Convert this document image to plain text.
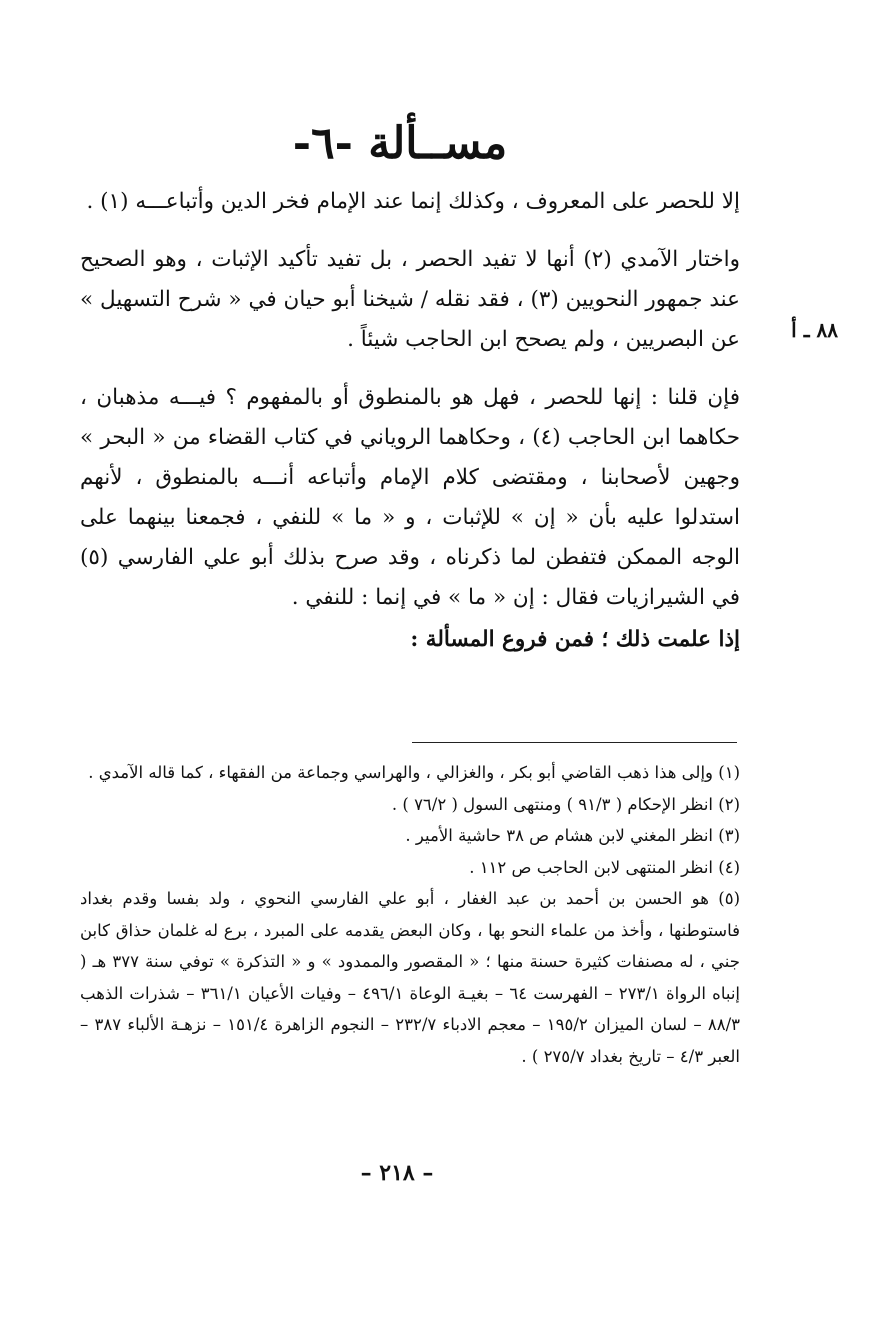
مســألة -٦-
٨٨ ـ أ

إلا للحصر على المعروف ، وكذلك إنما عند الإمام فخر الدين وأتباعـــه (١) .

واختار الآمدي (٢) أنها لا تفيد الحصر ، بل تفيد تأكيد الإثبات ، وهو الصحيح عند جمهور النحويين (٣) ، فقد نقله / شيخنا أبو حيان في « شرح التسهيل » عن البصريين ، ولم يصحح ابن الحاجب شيئاً .

فإن قلنا : إنها للحصر ، فهل هو بالمنطوق أو بالمفهوم ؟ فيـــه مذهبان ، حكاهما ابن الحاجب (٤) ، وحكاهما الروياني في كتاب القضاء من « البحر » وجهين لأصحابنا ، ومقتضى كلام الإمام وأتباعه أنـــه بالمنطوق ، لأنهم استدلوا عليه بأن « إن » للإثبات ، و « ما » للنفي ، فجمعنا بينهما على الوجه الممكن فتفطن لما ذكرناه ، وقد صرح بذلك أبو علي الفارسي (٥) في الشيرازيات فقال : إن « ما » في إنما : للنفي .

إذا علمت ذلك ؛ فمن فروع المسألة :

(١) وإلى هذا ذهب القاضي أبو بكر ، والغزالي ، والهراسي وجماعة من الفقهاء ، كما قاله الآمدي .

(٢) انظر الإحكام ( ٩١/٣ ) ومنتهى السول ( ٧٦/٢ ) .

(٣) انظر المغني لابن هشام ص ٣٨ حاشية الأمير .

(٤) انظر المنتهى لابن الحاجب ص ١١٢ .

(٥) هو الحسن بن أحمد بن عبد الغفار ، أبو علي الفارسي النحوي ، ولد بفسا وقدم بغداد فاستوطنها ، وأخذ من علماء النحو بها ، وكان البعض يقدمه على المبرد ، برع له غلمان حذاق كابن جني ، له مصنفات كثيرة حسنة منها ؛ « المقصور والممدود » و « التذكرة » توفي سنة ٣٧٧ هـ ( إنباه الرواة ٢٧٣/١ – الفهرست ٦٤ – بغيـة الوعاة ٤٩٦/١ – وفيات الأعيان ٣٦١/١ – شذرات الذهب ٨٨/٣ – لسان الميزان ١٩٥/٢ – معجم الادباء ٢٣٢/٧ – النجوم الزاهرة ١٥١/٤ – نزهـة الألباء ٣٨٧ – العبر ٤/٣ – تاريخ بغداد ٢٧٥/٧ ) .

– ٢١٨ –
